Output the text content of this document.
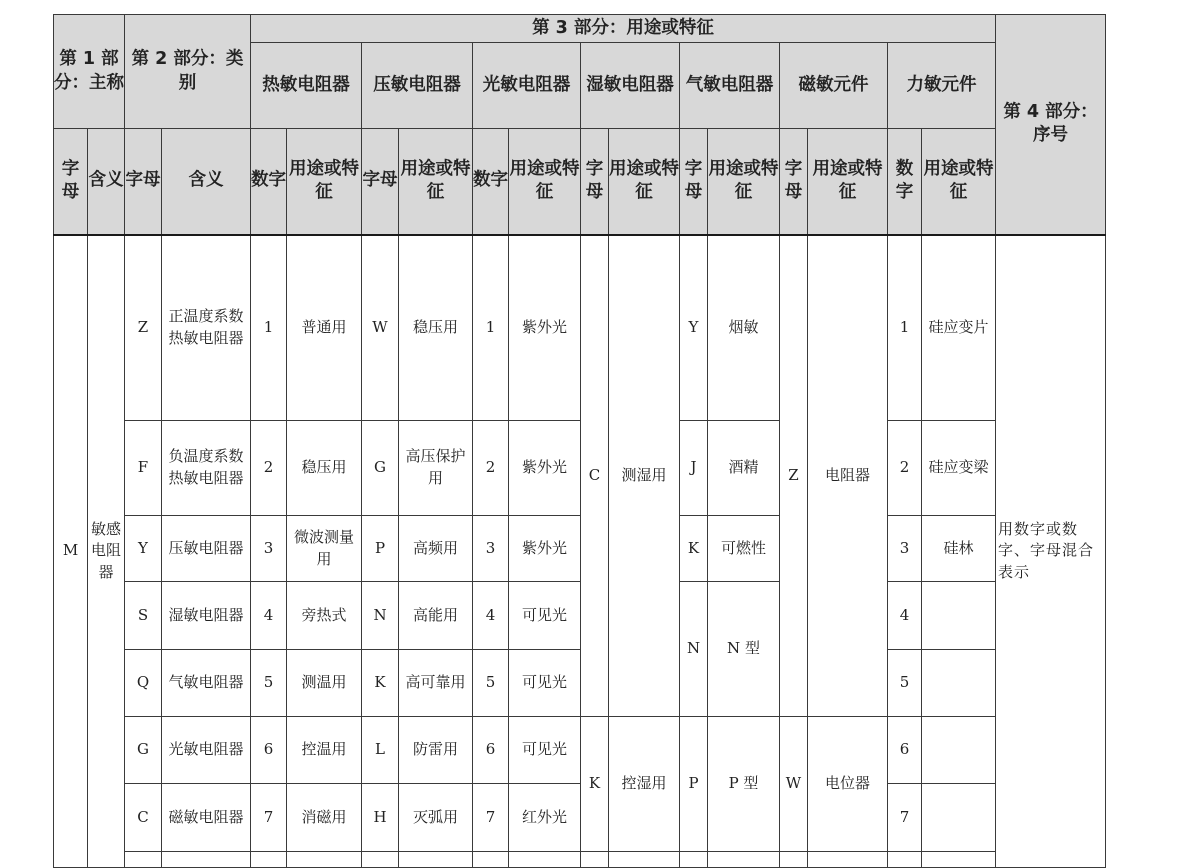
第 1 部分：主称		第 2 部分：类别		第 3 部分：用途或特征														第 4 部分：序号
				热敏电阻器		压敏电阻器		光敏电阻器		湿敏电阻器		气敏电阻器		磁敏元件		力敏元件		
字母	含义	字母	含义	数字	用途或特征	字母	用途或特征	数字	用途或特征	字母	用途或特征	字母	用途或特征	字母	用途或特征	数字	用途或特征	
M	敏感电阻器	Z	正温度系数热敏电阻器	1	普通用	W	稳压用	1	紫外光	C	测湿用	Y	烟敏	Z	电阻器	1	硅应变片	用数字或数字、字母混合表示
		F	负温度系数热敏电阻器	2	稳压用	G	高压保护用	2	紫外光			J	酒精			2	硅应变梁	
		Y	压敏电阻器	3	微波测量用	P	高频用	3	紫外光			K	可燃性			3	硅林	
		S	湿敏电阻器	4	旁热式	N	高能用	4	可见光			N	N 型			4		
		Q	气敏电阻器	5	测温用	K	高可靠用	5	可见光							5		
		G	光敏电阻器	6	控温用	L	防雷用	6	可见光	K	控湿用	P	P 型	W	电位器	6		
		C	磁敏电阻器	7	消磁用	H	灭弧用	7	红外光							7		
